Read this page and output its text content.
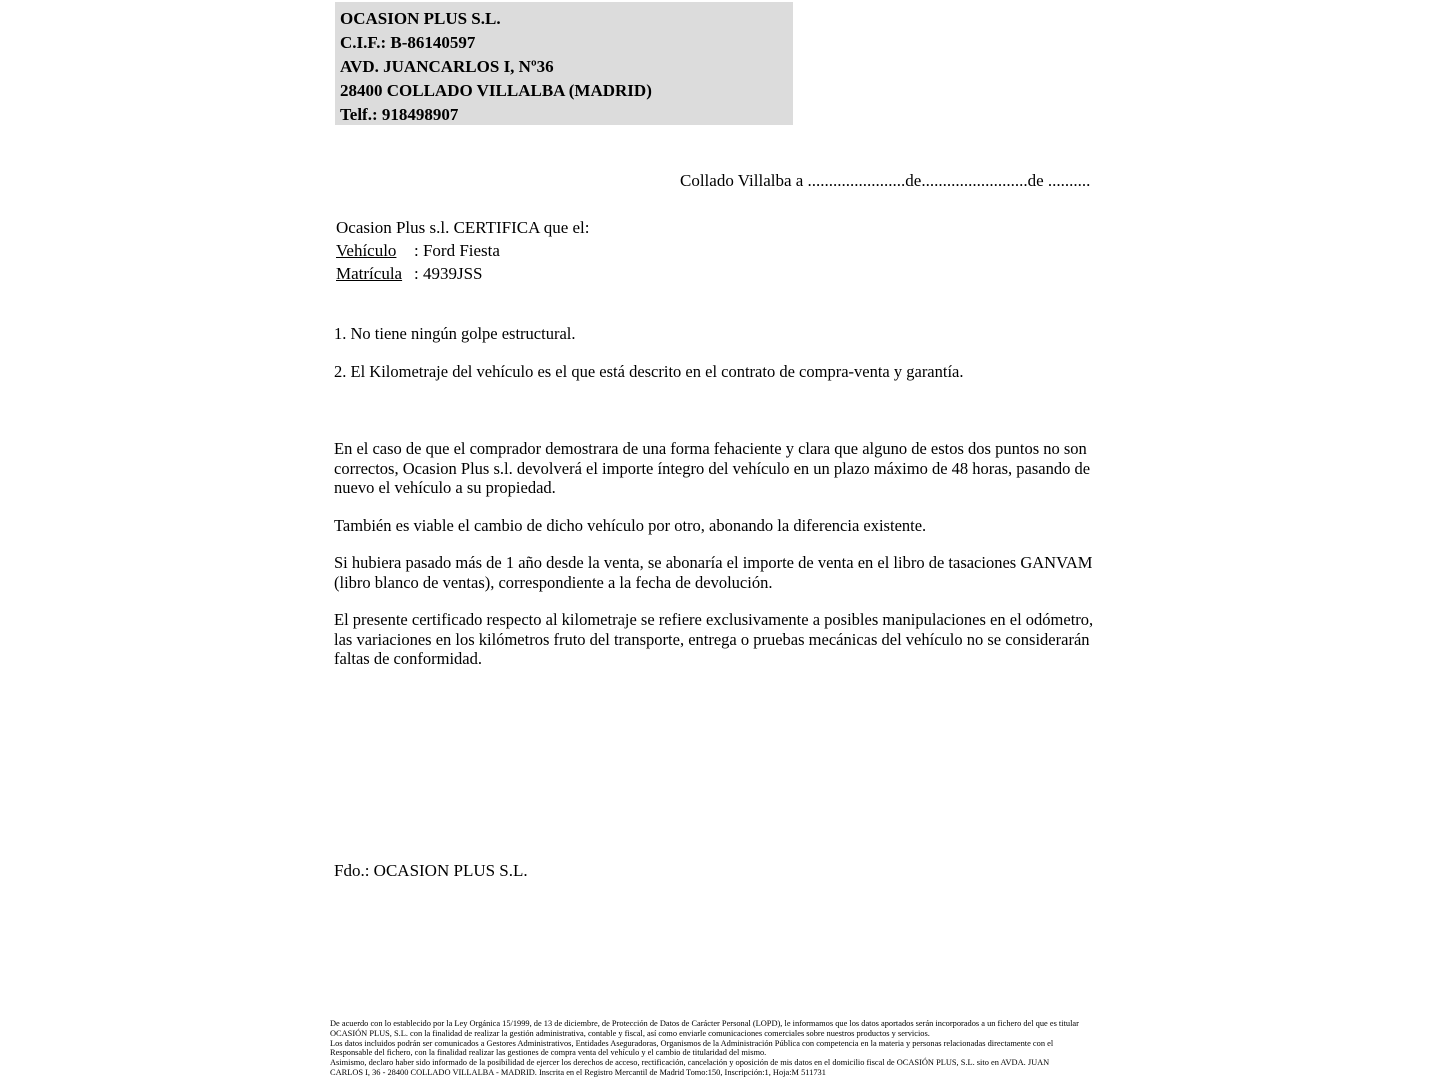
OCASION PLUS S.L.
C.I.F.: B-86140597
AVD. JUANCARLOS I, Nº36
28400 COLLADO VILLALBA (MADRID)
Telf.: 918498907
Collado Villalba a .......................de.........................de ..........
Ocasion Plus s.l. CERTIFICA que el:
Vehículo : Ford Fiesta
Matrícula : 4939JSS
1. No tiene ningún golpe estructural.
2. El Kilometraje del vehículo es el que está descrito en el contrato de compra-venta y garantía.

En el caso de que el comprador demostrara de una forma fehaciente y clara que alguno de estos dos puntos no son correctos, Ocasion Plus s.l. devolverá el importe íntegro del vehículo en un plazo máximo de 48 horas, pasando de nuevo el vehículo a su propiedad.

También es viable el cambio de dicho vehículo por otro, abonando la diferencia existente.

Si hubiera pasado más de 1 año desde la venta, se abonaría el importe de venta en el libro de tasaciones GANVAM (libro blanco de ventas), correspondiente a la fecha de devolución.

El presente certificado respecto al kilometraje se refiere exclusivamente a posibles manipulaciones en el odómetro, las variaciones en los kilómetros fruto del transporte, entrega o pruebas mecánicas del vehículo no se considerarán faltas de conformidad.

Fdo.: OCASION PLUS S.L.
De acuerdo con lo establecido por la Ley Orgánica 15/1999, de 13 de diciembre, de Protección de Datos de Carácter Personal (LOPD), le informamos que los datos aportados serán incorporados a un fichero del que es titular
OCASIÓN PLUS, S.L. con la finalidad de realizar la gestión administrativa, contable y fiscal, así como enviarle comunicaciones comerciales sobre nuestros productos y servicios.
Los datos incluidos podrán ser comunicados a Gestores Administrativos, Entidades Aseguradoras, Organismos de la Administración Pública con competencia en la materia y personas relacionadas directamente con el
Responsable del fichero, con la finalidad realizar las gestiones de compra venta del vehículo y el cambio de titularidad del mismo.
Asimismo, declaro haber sido informado de la posibilidad de ejercer los derechos de acceso, rectificación, cancelación y oposición de mis datos en el domicilio fiscal de OCASIÓN PLUS, S.L. sito en AVDA. JUAN
CARLOS I, 36 - 28400 COLLADO VILLALBA - MADRID. Inscrita en el Registro Mercantil de Madrid Tomo:150, Inscripción:1, Hoja:M 511731
